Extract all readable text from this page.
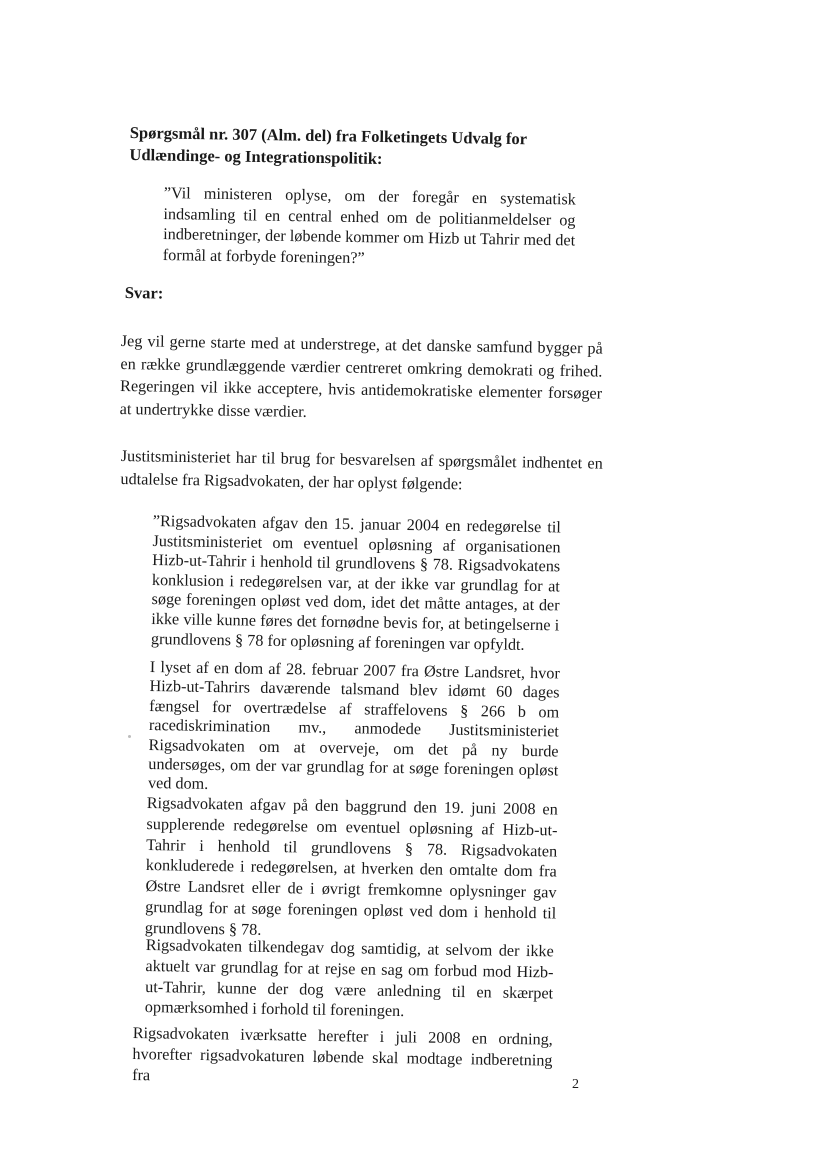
Spørgsmål nr. 307 (Alm. del) fra Folketingets Udvalg for Udlændinge- og Integrationspolitik:

”Vil ministeren oplyse, om der foregår en systematisk indsamling til en central enhed om de politianmeldelser og indberetninger, der løbende kommer om Hizb ut Tahrir med det formål at forbyde foreningen?”

Svar:

Jeg vil gerne starte med at understrege, at det danske samfund bygger på en række grundlæggende værdier centreret omkring demokrati og frihed. Regeringen vil ikke acceptere, hvis antidemokratiske elementer forsøger at undertrykke disse værdier.

Justitsministeriet har til brug for besvarelsen af spørgsmålet indhentet en udtalelse fra Rigsadvokaten, der har oplyst følgende:

”Rigsadvokaten afgav den 15. januar 2004 en redegørelse til Justitsministeriet om eventuel opløsning af organisationen Hizb-ut-Tahrir i henhold til grundlovens § 78. Rigsadvokatens konklusion i redegørelsen var, at der ikke var grundlag for at søge foreningen opløst ved dom, idet det måtte antages, at der ikke ville kunne føres det fornødne bevis for, at betingelserne i grundlovens § 78 for opløsning af foreningen var opfyldt.

I lyset af en dom af 28. februar 2007 fra Østre Landsret, hvor Hizb-ut-Tahrirs daværende talsmand blev idømt 60 dages fængsel for overtrædelse af straffelovens § 266 b om racediskrimination mv., anmodede Justitsministeriet Rigsadvokaten om at overveje, om det på ny burde undersøges, om der var grundlag for at søge foreningen opløst ved dom.

Rigsadvokaten afgav på den baggrund den 19. juni 2008 en supplerende redegørelse om eventuel opløsning af Hizb-ut-Tahrir i henhold til grundlovens § 78. Rigsadvokaten konkluderede i redegørelsen, at hverken den omtalte dom fra Østre Landsret eller de i øvrigt fremkomne oplysninger gav grundlag for at søge foreningen opløst ved dom i henhold til grundlovens § 78.

Rigsadvokaten tilkendegav dog samtidig, at selvom der ikke aktuelt var grundlag for at rejse en sag om forbud mod Hizb-ut-Tahrir, kunne der dog være anledning til en skærpet opmærksomhed i forhold til foreningen.

Rigsadvokaten iværksatte herefter i juli 2008 en ordning, hvorefter rigsadvokaturen løbende skal modtage indberetning fra

2
